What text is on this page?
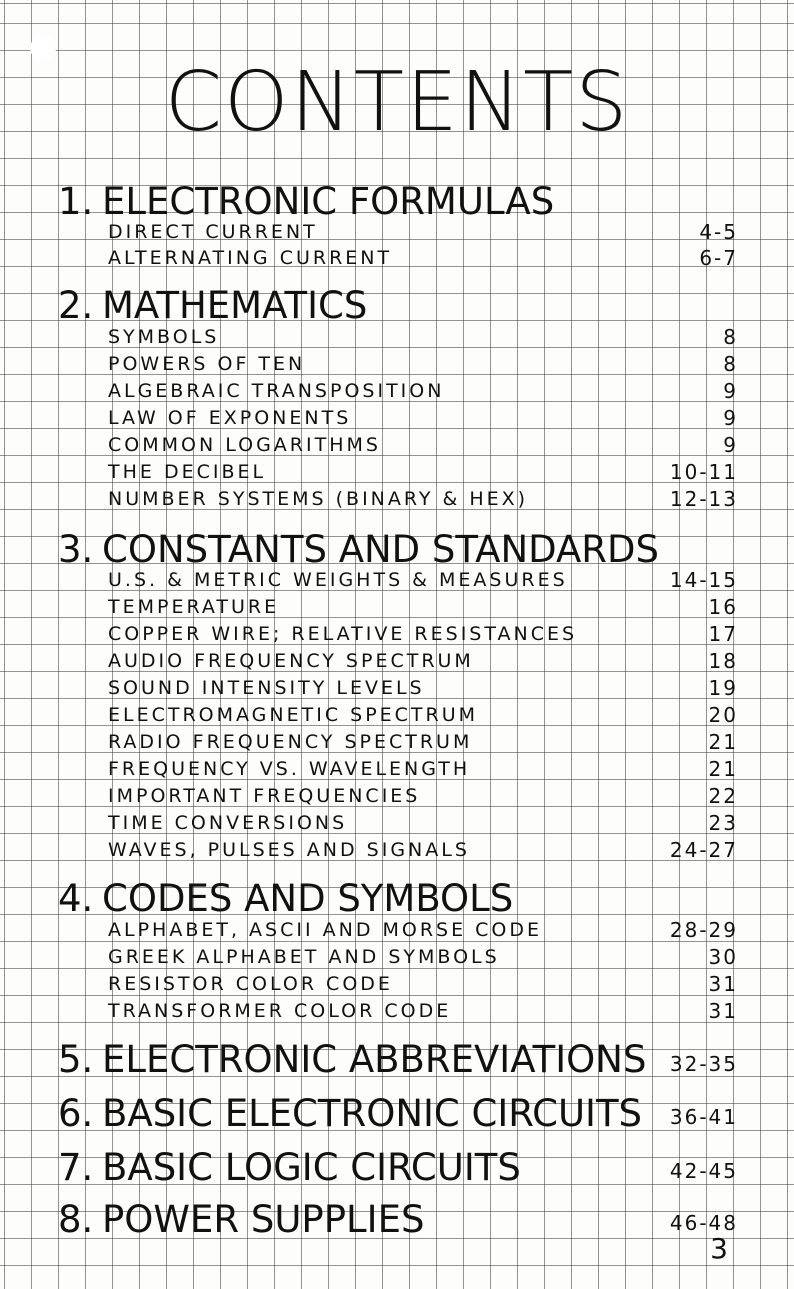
CONTENTS
1. ELECTRONIC FORMULAS
DIRECT CURRENT	4-5
ALTERNATING CURRENT	6-7
2. MATHEMATICS
SYMBOLS	8
POWERS OF TEN	8
ALGEBRAIC TRANSPOSITION	9
LAW OF EXPONENTS	9
COMMON LOGARITHMS	9
THE DECIBEL	10-11
NUMBER SYSTEMS (BINARY & HEX)	12-13
3. CONSTANTS AND STANDARDS
U.S. & METRIC WEIGHTS & MEASURES	14-15
TEMPERATURE	16
COPPER WIRE; RELATIVE RESISTANCES	17
AUDIO FREQUENCY SPECTRUM	18
SOUND INTENSITY LEVELS	19
ELECTROMAGNETIC SPECTRUM	20
RADIO FREQUENCY SPECTRUM	21
FREQUENCY VS. WAVELENGTH	21
IMPORTANT FREQUENCIES	22
TIME CONVERSIONS	23
WAVES, PULSES AND SIGNALS	24-27
4. CODES AND SYMBOLS
ALPHABET, ASCII AND MORSE CODE	28-29
GREEK ALPHABET AND SYMBOLS	30
RESISTOR COLOR CODE	31
TRANSFORMER COLOR CODE	31
5. ELECTRONIC ABBREVIATIONS 32-35
6. BASIC ELECTRONIC CIRCUITS 36-41
7. BASIC LOGIC CIRCUITS	42-45
8. POWER SUPPLIES	46-48
3
